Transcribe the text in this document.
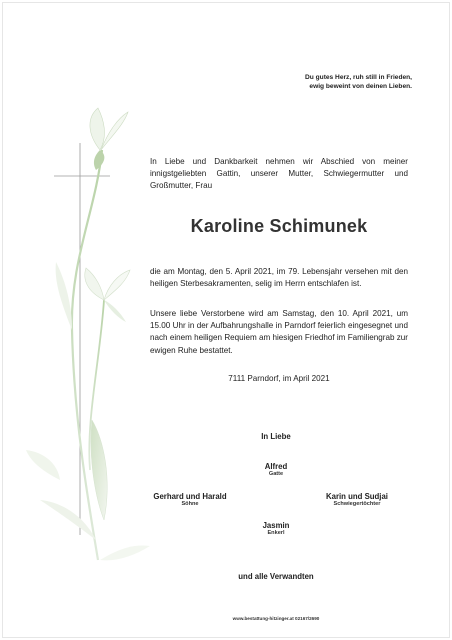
Du gutes Herz, ruh still in Frieden,
ewig beweint von deinen Lieben.
In Liebe und Dankbarkeit nehmen wir Abschied von meiner innigstgeliebten Gattin, unserer Mutter, Schwiegermutter und Großmutter, Frau
Karoline Schimunek
die am Montag, den 5. April 2021, im 79. Lebensjahr versehen mit den heiligen Sterbesakramenten, selig im Herrn entschlafen ist.
Unsere liebe Verstorbene wird am Samstag, den 10. April 2021, um 15.00 Uhr in der Aufbahrungshalle in Parndorf feierlich eingesegnet und nach einem heiligen Requiem am hiesigen Friedhof im Familiengrab zur ewigen Ruhe bestattet.
7111 Parndorf, im April 2021
In Liebe
Alfred
Gatte
Gerhard und Harald
Söhne
Karin und Sudjai
Schwiegertöchter
Jasmin
Enkerl
und alle Verwandten
www.bestattung-hitzinger.at 02167/2690
